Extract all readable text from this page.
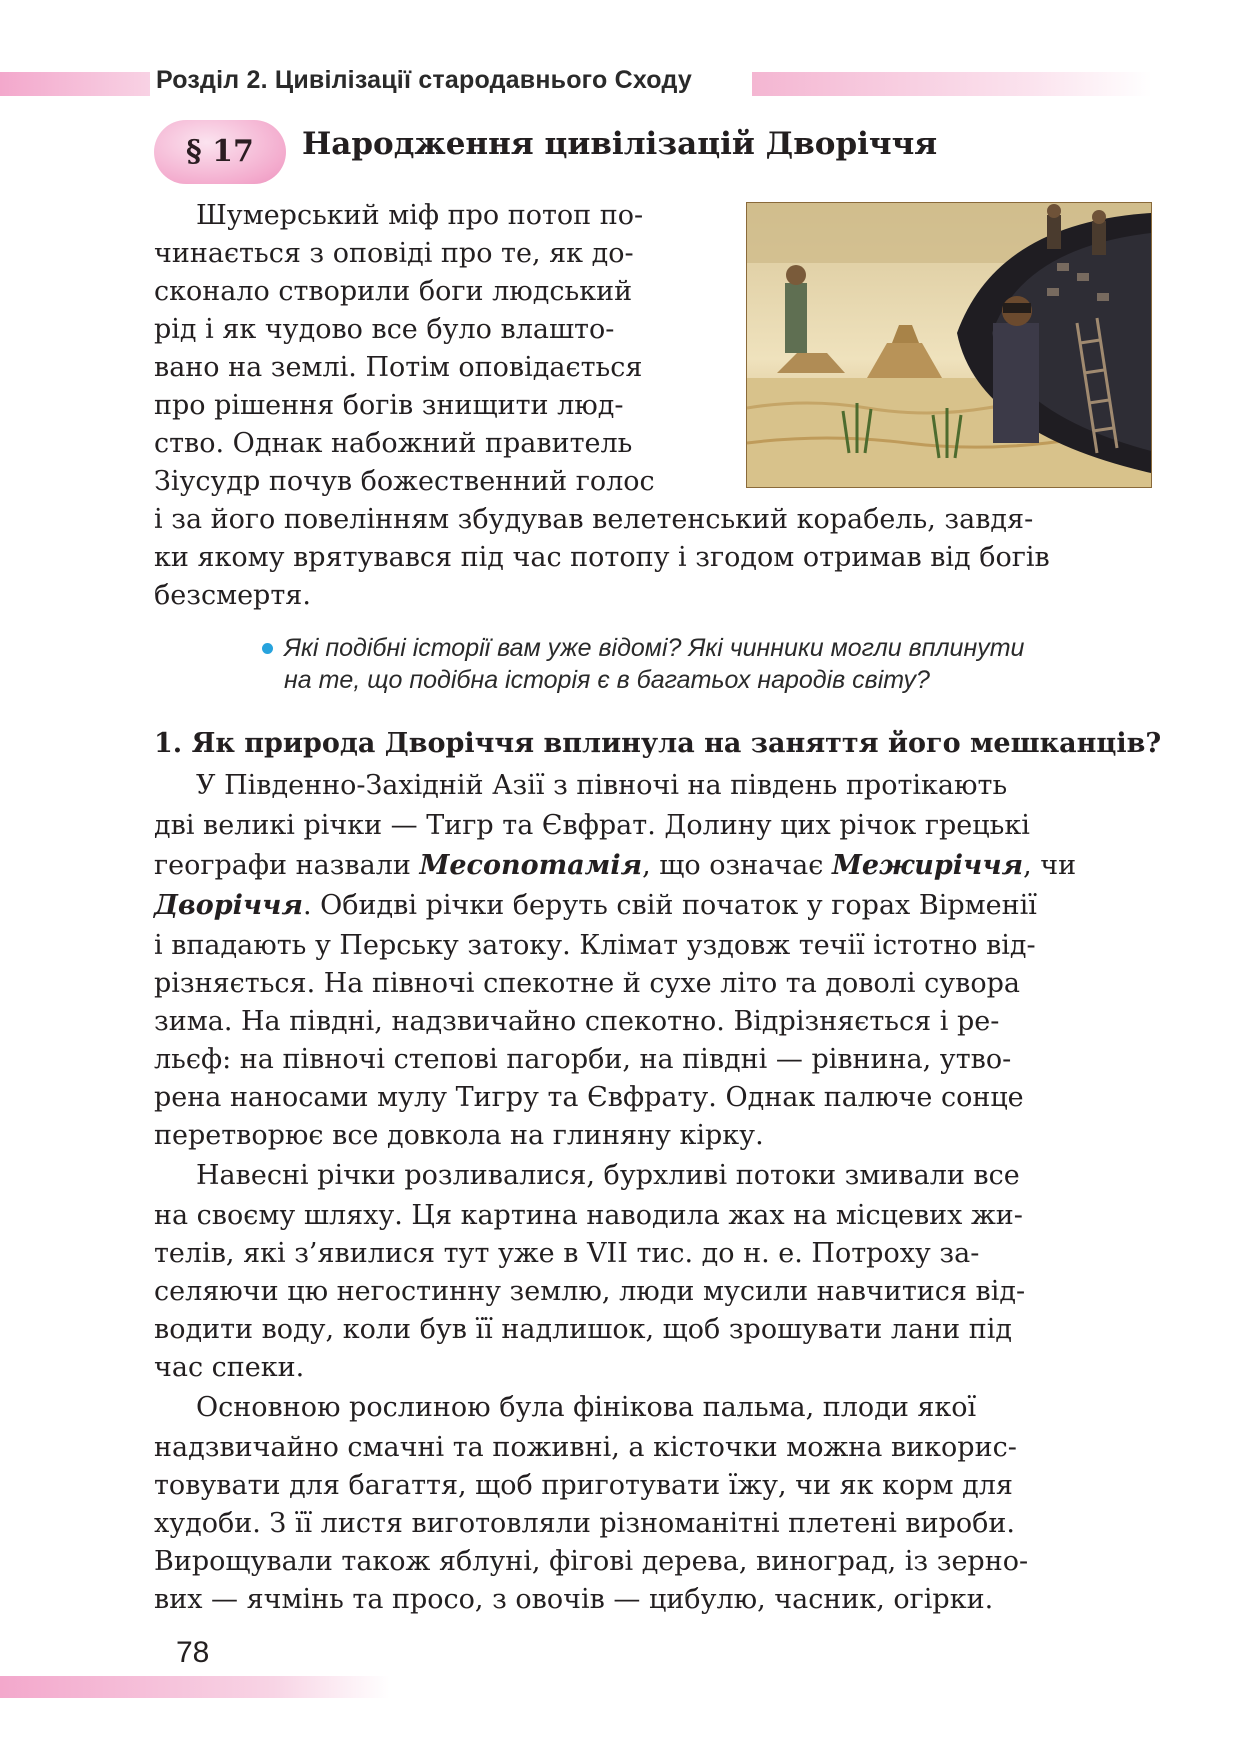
Розділ 2. Цивілізації стародавнього Сходу
§ 17	Народження цивілізацій Дворіччя
Шумерський міф про потоп по-
чинається з оповіді про те, як до-
сконало створили боги людський
рід і як чудово все було влашто-
вано на землі. Потім оповідається
про рішення богів знищити люд-
ство. Однак набожний правитель
Зіусудр почув божественний голос
і за його повелінням збудував велетенський корабель, завдя-
ки якому врятувався під час потопу і згодом отримав від богів
безсмертя.
Які подібні історії вам уже відомі? Які чинники могли вплинути
на те, що подібна історія є в багатьох народів світу?
1. Як природа Дворіччя вплинула на заняття його мешканців?
У Південно-Західній Азії з півночі на південь протікають
дві великі річки — Тигр та Євфрат. Долину цих річок грецькі
географи назвали Месопотамія, що означає Межиріччя, чи
Дворіччя. Обидві річки беруть свій початок у горах Вірменії
і впадають у Перську затоку. Клімат уздовж течії істотно від-
різняється. На півночі спекотне й сухе літо та доволі сувора
зима. На півдні, надзвичайно спекотно. Відрізняється і ре-
льєф: на півночі степові пагорби, на півдні — рівнина, утво-
рена наносами мулу Тигру та Євфрату. Однак палюче сонце
перетворює все довкола на глиняну кірку.
Навесні річки розливалися, бурхливі потоки змивали все
на своєму шляху. Ця картина наводила жах на місцевих жи-
телів, які з’явилися тут уже в VII тис. до н. е. Потроху за-
селяючи цю негостинну землю, люди мусили навчитися від-
водити воду, коли був її надлишок, щоб зрошувати лани під
час спеки.
Основною рослиною була фінікова пальма, плоди якої
надзвичайно смачні та поживні, а кісточки можна викорис-
товувати для багаття, щоб приготувати їжу, чи як корм для
худоби. З її листя виготовляли різноманітні плетені вироби.
Вирощували також яблуні, фігові дерева, виноград, із зерно-
вих — ячмінь та просо, з овочів — цибулю, часник, огірки.
78
